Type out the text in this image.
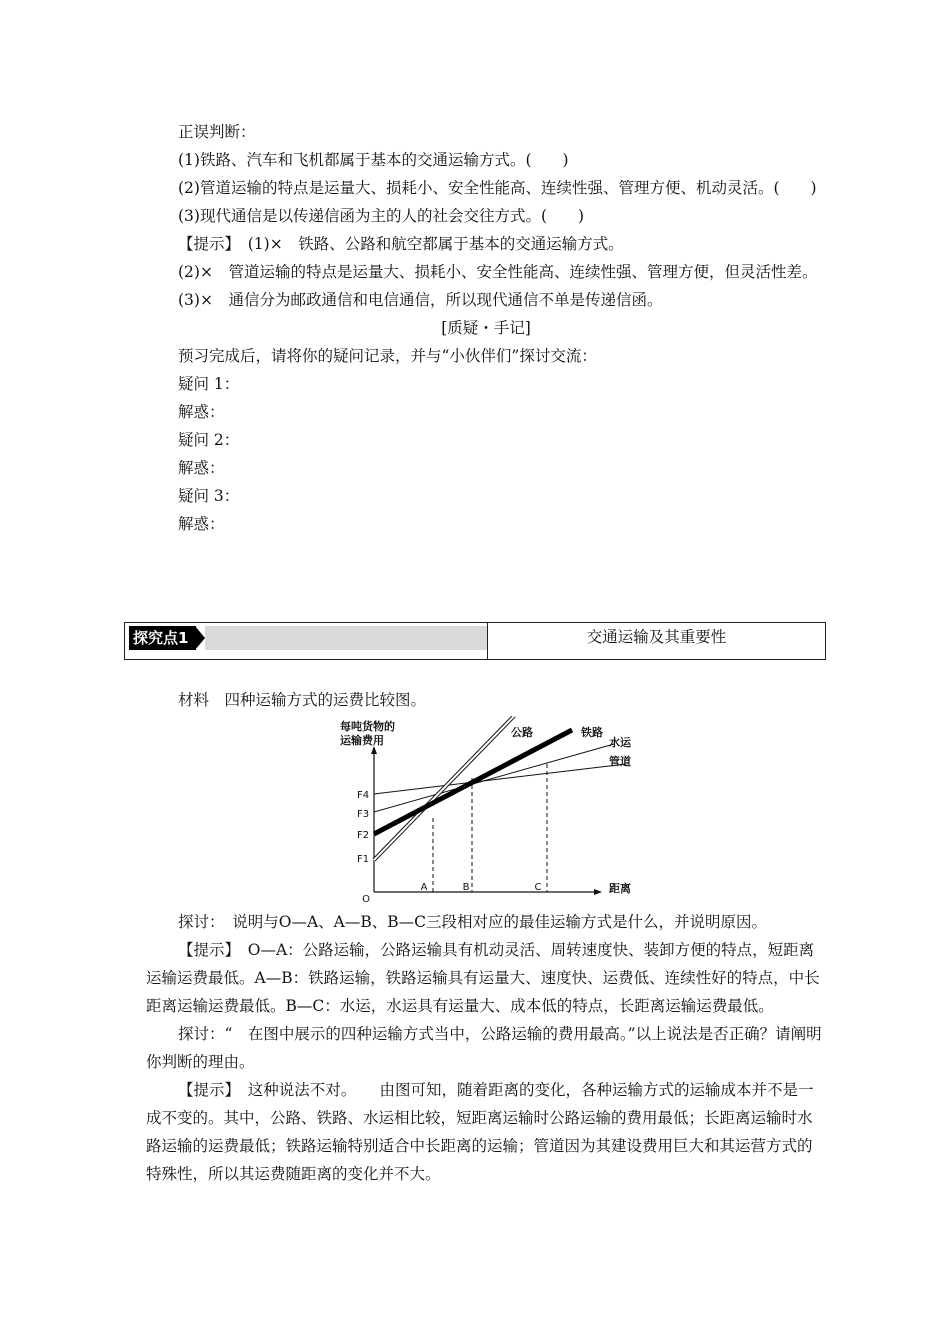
正误判断：

(1)铁路、汽车和飞机都属于基本的交通运输方式。(　　)

(2)管道运输的特点是运量大、损耗小、安全性能高、连续性强、管理方便、机动灵活。(　　)

(3)现代通信是以传递信函为主的人的社会交往方式。(　　)

【提示】　(1)×　铁路、公路和航空都属于基本的交通运输方式。

(2)×　管道运输的特点是运量大、损耗小、安全性能高、连续性强、管理方便，但灵活性差。

(3)×　通信分为邮政通信和电信通信，所以现代通信不单是传递信函。

[质疑・手记]

预习完成后，请将你的疑问记录，并与“小伙伴们”探讨交流：

疑问 1：

解惑：

疑问 2：

解惑：

疑问 3：

解惑：

探究点1	交通运输及其重要性

材料　四种运输方式的运费比较图。

F4
F3
F2
F1
A	B	C
O
每吨货物的
运输费用
距离
公路	铁路
水运
管道

探讨：　说明与O—A、A—B、B—C三段相对应的最佳运输方式是什么，并说明原因。

【提示】　O—A：公路运输，公路运输具有机动灵活、周转速度快、装卸方便的特点，短距离运输运费最低。A—B：铁路运输，铁路运输具有运量大、速度快、运费低、连续性好的特点，中长距离运输运费最低。B—C：水运，水运具有运量大、成本低的特点，长距离运输运费最低。

探讨：“　在图中展示的四种运输方式当中，公路运输的费用最高。”以上说法是否正确？请阐明你判断的理由。

【提示】　这种说法不对。　　由图可知，随着距离的变化，各种运输方式的运输成本并不是一成不变的。其中，公路、铁路、水运相比较，短距离运输时公路运输的费用最低；长距离运输时水路运输的运费最低；铁路运输特别适合中长距离的运输；管道因为其建设费用巨大和其运营方式的特殊性，所以其运费随距离的变化并不大。
